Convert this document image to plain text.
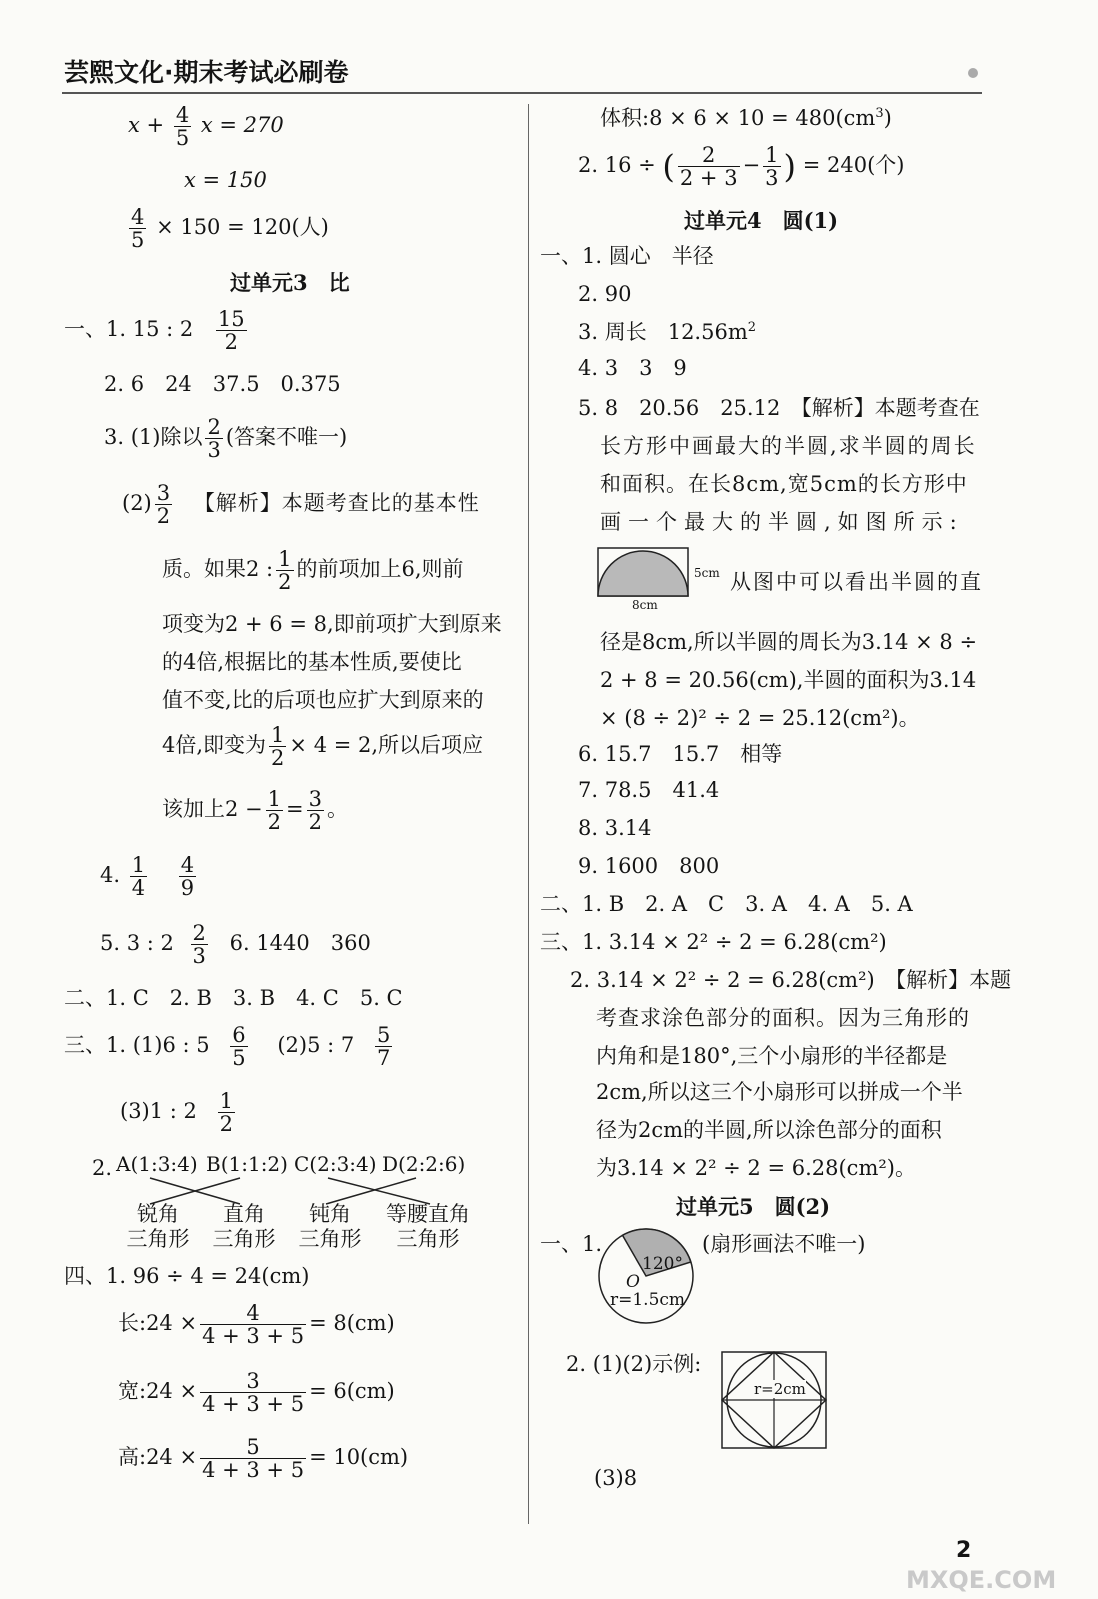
芸熙文化·期末考试必刷卷
$x + \frac{4}{5}$ x = 270
x = 150
$\frac{4}{5} \times 150 = 120$(人)
过单元3　比
一、1. 15 : $2 \frac{15}{2}$
2. 6　24　37.5　0.375
3. (1)除以 $\frac{2}{3}$ (答案不唯一)
$(2) \frac{3}{2}$ 【解析】本题考查比的基本性
质。如果2 : $\frac{1}{2}$ 的前项加上6,则前
项变为2 + 6 = 8,即前项扩大到原来
的4倍,根据比的基本性质,要使比
值不变,比的后项也应扩大到原来的
4倍,即变为 $\frac{1}{2} \times 4 = 2$,所以后项应
该加上$2 - \frac{1}{2} = \frac{3}{2}$ 。
4. $\frac{1}{4}$
$\frac{4}{9}$
5. 3 : $2 \frac{2}{3} 6$. 1440　360
二、1. C　2. B　3. B　4. C　5. C
三、1. (1)6 : $5 \frac{6}{5} (2)5$ : $7 \frac{5}{7}$
(3)1 : $2 \frac{1}{2}$
2. A(1:3:4) B(1:1:2) C(2:3:4) D(2:2:6)
锐角
三角形
直角
三角形
钝角
三角形
等腰直角
三角形
四、1. 96 ÷ 4 = 24(cm)
长:24 × $\frac{4}{4 + 3 + 5} = 8(cm)$
宽:24 × $\frac{3}{4 + 3 + 5} = 6(cm)$
高:24 × $\frac{5}{4 + 3 + 5} = 10(cm)$
体积:8 × $6 \times 10 = 480(cm^3)$
2. 16 ÷ ( $\frac{2}{2 + 3} - \frac{1}{3}$ ) = 240(个)
过单元4　圆(1)
一、1. 圆心　半径
2. 90
3. 周长　$12.56m^2$
4. 3　3　9
5. 8　20.56　25.12　【解析】本题考查在
长方形中画最大的半圆,求半圆的周长
和面积。在长8cm,宽5cm的长方形中
画一个最大的半圆,如图所示:
8cm
5cm 从图中可以看出半圆的直
径是8cm,所以半圆的周长为3.14 × 8 ÷
2 + 8 = 20.56(cm),半圆的面积为3.14
× (8 ÷ 2)² ÷ 2 = 25.12(cm²)。
6. 15.7　15.7　相等
7. 78.5　41.4
8. 3.14
9. 1600　800
二、1. B　2. A　C　3. A　4. A　5. A
三、1. 3.14 × 2² ÷ 2 = 6.28(cm²)
2. 3.14 × 2² ÷ 2 = 6.28(cm²)　【解析】本题
考查求涂色部分的面积。因为三角形的
内角和是180°,三个小扇形的半径都是
2cm,所以这三个小扇形可以拼成一个半
径为2cm的半圆,所以涂色部分的面积
为3.14 × 2² ÷ 2 = 6.28(cm²)。
过单元5　圆(2)
一、1.
120°
O
r=1.5cm
(扇形画法不唯一)
2. (1)(2)示例:
r=2cm
(3)8
2
MXQE.COM
